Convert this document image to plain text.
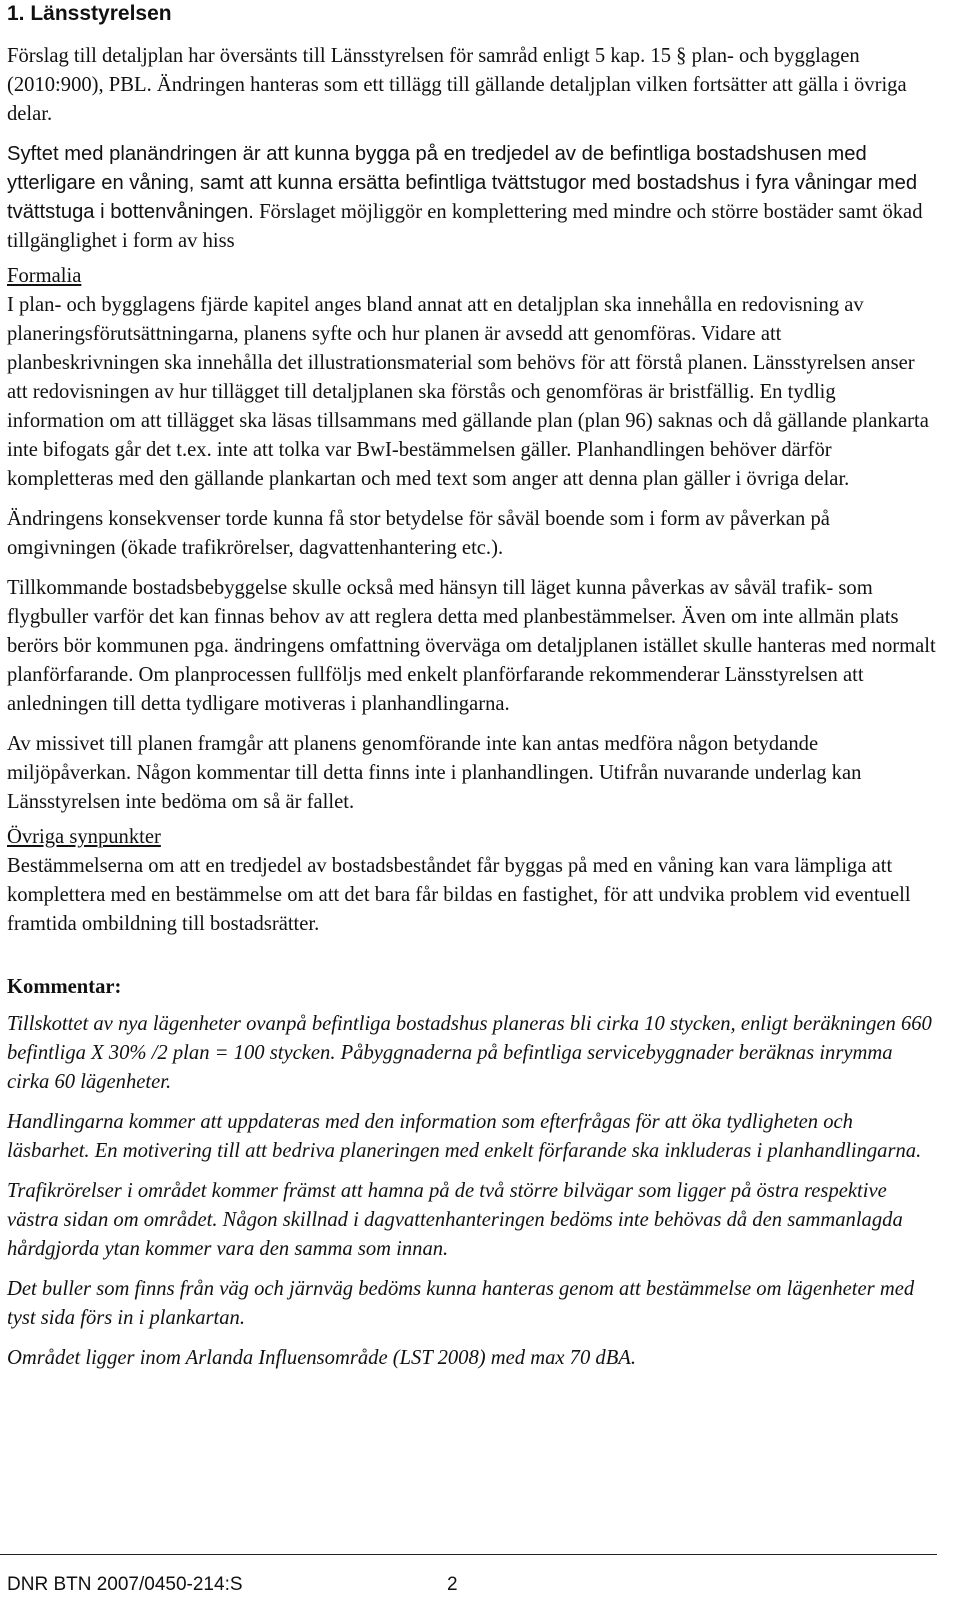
1. Länsstyrelsen

Förslag till detaljplan har översänts till Länsstyrelsen för samråd enligt 5 kap. 15 § plan- och bygglagen (2010:900), PBL. Ändringen hanteras som ett tillägg till gällande detaljplan vilken fortsätter att gälla i övriga delar.

Syftet med planändringen är att kunna bygga på en tredjedel av de befintliga bostadshusen med ytterligare en våning, samt att kunna ersätta befintliga tvättstugor med bostadshus i fyra våningar med tvättstuga i bottenvåningen. Förslaget möjliggör en komplettering med mindre och större bostäder samt ökad tillgänglighet i form av hiss

Formalia

I plan- och bygglagens fjärde kapitel anges bland annat att en detaljplan ska innehålla en redovisning av planeringsförutsättningarna, planens syfte och hur planen är avsedd att genomföras. Vidare att planbeskrivningen ska innehålla det illustrationsmaterial som behövs för att förstå planen. Länsstyrelsen anser att redovisningen av hur tillägget till detaljplanen ska förstås och genomföras är bristfällig. En tydlig information om att tillägget ska läsas tillsammans med gällande plan (plan 96) saknas och då gällande plankarta inte bifogats går det t.ex. inte att tolka var BwI-bestämmelsen gäller. Planhandlingen behöver därför kompletteras med den gällande plankartan och med text som anger att denna plan gäller i övriga delar.

Ändringens konsekvenser torde kunna få stor betydelse för såväl boende som i form av påverkan på omgivningen (ökade trafikrörelser, dagvattenhantering etc.).

Tillkommande bostadsbebyggelse skulle också med hänsyn till läget kunna påverkas av såväl trafik- som flygbuller varför det kan finnas behov av att reglera detta med planbestämmelser. Även om inte allmän plats berörs bör kommunen pga. ändringens omfattning överväga om detaljplanen istället skulle hanteras med normalt planförfarande. Om planprocessen fullföljs med enkelt planförfarande rekommenderar Länsstyrelsen att anledningen till detta tydligare motiveras i planhandlingarna.

Av missivet till planen framgår att planens genomförande inte kan antas medföra någon betydande miljöpåverkan. Någon kommentar till detta finns inte i planhandlingen. Utifrån nuvarande underlag kan Länsstyrelsen inte bedöma om så är fallet.

Övriga synpunkter

Bestämmelserna om att en tredjedel av bostadsbeståndet får byggas på med en våning kan vara lämpliga att komplettera med en bestämmelse om att det bara får bildas en fastighet, för att undvika problem vid eventuell framtida ombildning till bostadsrätter.

Kommentar:

Tillskottet av nya lägenheter ovanpå befintliga bostadshus planeras bli cirka 10 stycken, enligt beräkningen 660 befintliga X 30% /2 plan = 100 stycken. Påbyggnaderna på befintliga servicebyggnader beräknas inrymma cirka 60 lägenheter.

Handlingarna kommer att uppdateras med den information som efterfrågas för att öka tydligheten och läsbarhet. En motivering till att bedriva planeringen med enkelt förfarande ska inkluderas i planhandlingarna.

Trafikrörelser i området kommer främst att hamna på de två större bilvägar som ligger på östra respektive västra sidan om området. Någon skillnad i dagvattenhanteringen bedöms inte behövas då den sammanlagda hårdgjorda ytan kommer vara den samma som innan.

Det buller som finns från väg och järnväg bedöms kunna hanteras genom att bestämmelse om lägenheter med tyst sida förs in i plankartan.

Området ligger inom Arlanda Influensområde (LST 2008) med max 70 dBA.

DNR BTN 2007/0450-214:S	2
